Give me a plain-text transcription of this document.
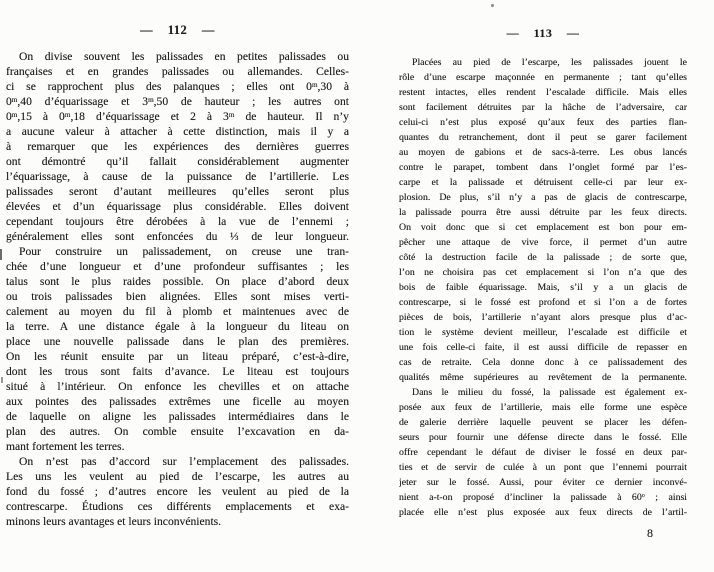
— 112 —
On divise souvent les palissades en petites palissades ou
françaises et en grandes palissades ou allemandes. Celles-
ci se rapprochent plus des palanques ; elles ont 0$^m$,30 à
0$^m$,40 d’équarissage et 3$^m$,50 de hauteur ; les autres ont
0$^m$,15 à 0$^m$,18 d’équarissage et 2 à 3$^m$ de hauteur. Il n’y
a aucune valeur à attacher à cette distinction, mais il y a
à remarquer que les expériences des dernières guerres
ont démontré qu’il fallait considérablement augmenter
l’équarissage, à cause de la puissance de l’artillerie. Les
palissades seront d’autant meilleures qu’elles seront plus
élevées et d’un équarissage plus considérable. Elles doivent
cependant toujours être dérobées à la vue de l’ennemi ;
généralement elles sont enfoncées du ⅓ de leur longueur.
Pour construire un palissadement, on creuse une tran-
chée d’une longueur et d’une profondeur suffisantes ; les
talus sont le plus raides possible. On place d’abord deux
ou trois palissades bien alignées. Elles sont mises verti-
calement au moyen du fil à plomb et maintenues avec de
la terre. A une distance égale à la longueur du liteau on
place une nouvelle palissade dans le plan des premières.
On les réunit ensuite par un liteau préparé, c’est-à-dire,
dont les trous sont faits d’avance. Le liteau est toujours
situé à l’intérieur. On enfonce les chevilles et on attache
aux pointes des palissades extrêmes une ficelle au moyen
de laquelle on aligne les palissades intermédiaires dans le
plan des autres. On comble ensuite l’excavation en da-
mant fortement les terres.
On n’est pas d’accord sur l’emplacement des palissades.
Les uns les veulent au pied de l’escarpe, les autres au
fond du fossé ; d’autres encore les veulent au pied de la
contrescarpe. Étudions ces différents emplacements et exa-
minons leurs avantages et leurs inconvénients.
— 113 —
Placées au pied de l’escarpe, les palissades jouent le
rôle d’une escarpe maçonnée en permanente ; tant qu’elles
restent intactes, elles rendent l’escalade difficile. Mais elles
sont facilement détruites par la hâche de l’adversaire, car
celui-ci n’est plus exposé qu’aux feux des parties flan-
quantes du retranchement, dont il peut se garer facilement
au moyen de gabions et de sacs-à-terre. Les obus lancés
contre le parapet, tombent dans l’onglet formé par l’es-
carpe et la palissade et détruisent celle-ci par leur ex-
plosion. De plus, s’il n’y a pas de glacis de contrescarpe,
la palissade pourra être aussi détruite par les feux directs.
On voit donc que si cet emplacement est bon pour em-
pêcher une attaque de vive force, il permet d’un autre
côté la destruction facile de la palissade ; de sorte que,
l’on ne choisira pas cet emplacement si l’on n’a que des
bois de faible équarissage. Mais, s’il y a un glacis de
contrescarpe, si le fossé est profond et si l’on a de fortes
pièces de bois, l’artillerie n’ayant alors presque plus d’ac-
tion le système devient meilleur, l’escalade est difficile et
une fois celle-ci faite, il est aussi difficile de repasser en
cas de retraite. Cela donne donc à ce palissadement des
qualités même supérieures au revêtement de la permanente.
Dans le milieu du fossé, la palissade est également ex-
posée aux feux de l’artillerie, mais elle forme une espèce
de galerie derrière laquelle peuvent se placer les défen-
seurs pour fournir une défense directe dans le fossé. Elle
offre cependant le défaut de diviser le fossé en deux par-
ties et de servir de culée à un pont que l’ennemi pourrait
jeter sur le fossé. Aussi, pour éviter ce dernier inconvé-
nient a-t-on proposé d’incliner la palissade à 60$^o$ ; ainsi
placée elle n’est plus exposée aux feux directs de l’artil-
8
